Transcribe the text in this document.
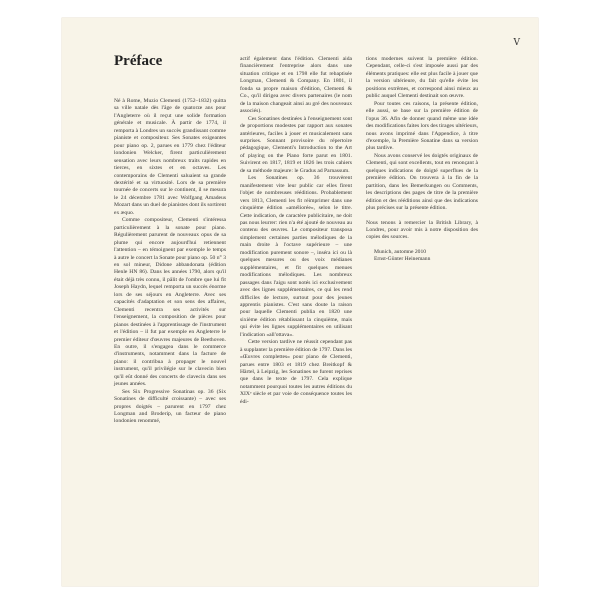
V
Préface

Né à Rome, Muzio Clementi (1752–1832) quitta sa ville natale dès l'âge de quatorze ans pour l'Angleterre où il reçut une solide formation générale et musicale. À partir de 1774, il remporta à Londres un succès grandissant comme pianiste et compositeur. Ses Sonates exigeantes pour piano op. 2, parues en 1779 chez l'éditeur londonien Welcker, firent particulièrement sensation avec leurs nombreux traits rapides en tierces, en sixtes et en octaves. Les contemporains de Clementi saluaient sa grande dextérité et sa virtuosité. Lors de sa première tournée de concerts sur le continent, il se mesura le 24 décembre 1781 avec Wolfgang Amadeus Mozart dans un duel de pianistes dont ils sortirent ex æquo.

Comme compositeur, Clementi s'intéressa particulièrement à la sonate pour piano. Régulièrement parurent de nouveaux opus de sa plume qui encore aujourd'hui retiennent l'attention – en témoignent par exemple le temps à autre le concert la Sonate pour piano op. 50 n° 3 en sol mineur, Didone abbandonata (édition Henle HN 86). Dans les années 1790, alors qu'il était déjà très connu, il pâlit de l'ombre que lui fit Joseph Haydn, lequel remporta un succès énorme lors de ses séjours en Angleterre. Avec ses capacités d'adaptation et son sens des affaires, Clementi recentra ses activités sur l'enseignement, la composition de pièces pour pianos destinées à l'apprentissage de l'instrument et l'édition – il fut par exemple en Angleterre le premier éditeur d'œuvres majeures de Beethoven. En outre, il s'engagea dans le commerce d'instruments, notamment dans la facture de piano: il contribua à propager le nouvel instrument, qu'il privilégie sur le clavecin bien qu'il eût donné des concerts de clavecin dans ses jeunes années.

Ses Six Progressive Sonatinas op. 36 (Six Sonatines de difficulté croissante) – avec ses propres doigtés – parurent en 1797 chez Longman and Broderip, un facteur de piano londonien renommé,

actif également dans l'édition. Clementi aida financièrement l'entreprise alors dans une situation critique et en 1798 elle fut rebaptisée Longman, Clementi & Company. En 1801, il fonda sa propre maison d'édition, Clementi & Co., qu'il dirigea avec divers partenaires (le nom de la maison changeait ainsi au gré des nouveaux associés).

Ces Sonatines destinées à l'enseignement sont de proportions modestes par rapport aux sonates antérieures, faciles à jouer et musicalement sans surprises. Sonnant provisoire du répertoire pédagogique, Clementi's Introduction to the Art of playing on the Piano forte parut en 1801. Suivirent en 1817, 1819 et 1826 les trois cahiers de sa méthode majeure: le Gradus ad Parnassum.

Les Sonatines op. 36 trouvèrent manifestement vite leur public car elles firent l'objet de nombreuses rééditions. Probablement vers 1813, Clementi les fit réimprimer dans une cinquième édition «améliorée», selon le titre. Cette indication, de caractère publicitaire, ne doit pas nous leurrer: rien n'a été ajouté de nouveau au contenu des œuvres. Le compositeur transposa simplement certaines parties mélodiques de la main droite à l'octave supérieure – une modification purement sonore –, inséra ici ou là quelques mesures ou des voix médianes supplémentaires, et fit quelques menues modifications mélodiques. Les nombreux passages dans l'aigu sont notés ici exclusivement avec des lignes supplémentaires, ce qui les rend difficiles de lecture, surtout pour des jeunes apprentis pianistes. C'est sans doute la raison pour laquelle Clementi publia en 1820 une sixième édition rétablissant la cinquième, mais qui évite les lignes supplémentaires en utilisant l'indication «all'ottava».

Cette version tardive ne réussit cependant pas à supplanter la première édition de 1797. Dans les «Œuvres complettes» pour piano de Clementi, parues entre 1803 et 1819 chez Breitkopf & Härtel, à Leipzig, les Sonatines ne furent reprises que dans le texte de 1797. Cela explique notamment pourquoi toutes les autres éditions du XIXᵉ siècle et par voie de conséquence toutes les édi-

tions modernes suivent la première édition. Cependant, celle-ci s'est imposée aussi par des éléments pratiques: elle est plus facile à jouer que la version ultérieure, du fait qu'elle évite les positions extrêmes, et correspond ainsi mieux au public auquel Clementi destinait son œuvre.

Pour toutes ces raisons, la présente édition, elle aussi, se base sur la première édition de l'opus 36. Afin de donner quand même une idée des modifications faites lors des tirages ultérieurs, nous avons imprimé dans l'Appendice, à titre d'exemple, la Première Sonatine dans sa version plus tardive.

Nous avons conservé les doigtés originaux de Clementi, qui sont excellents, tout en renonçant à quelques indications de doigté superflues de la première édition. On trouvera à la fin de la partition, dans les Bemerkungen ou Comments, les descriptions des pages de titre de la première édition et des rééditions ainsi que des indications plus précises sur la présente édition.

Nous tenons à remercier la British Library, à Londres, pour avoir mis à notre disposition des copies des sources.

Munich, automne 2010

Ernst-Günter Heinemann
